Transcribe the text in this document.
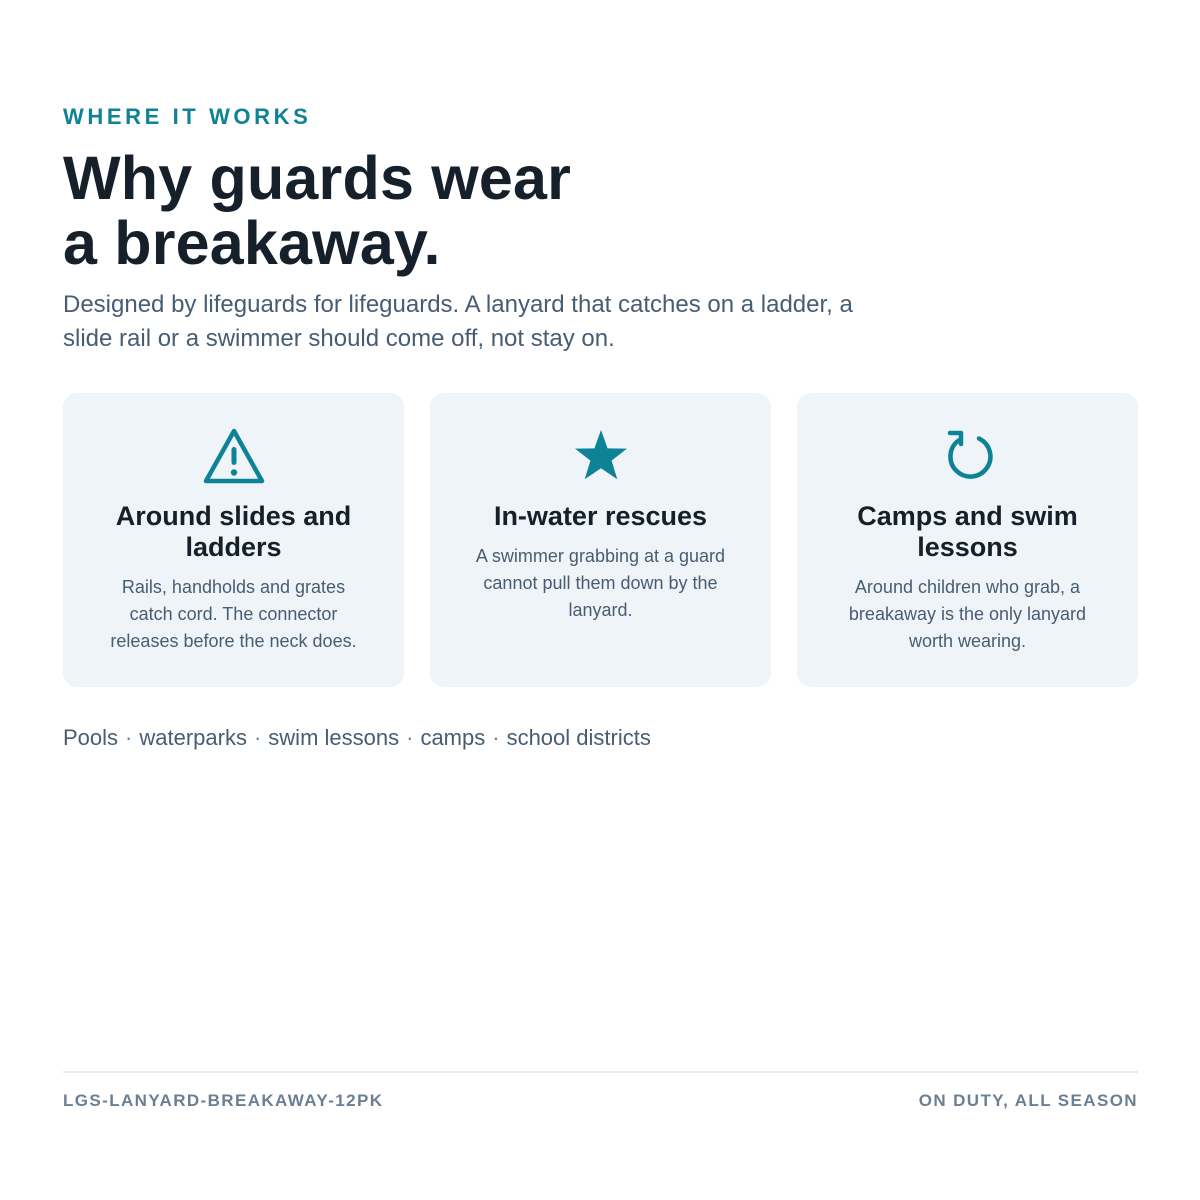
WHERE IT WORKS
Why guards wear
a breakaway.

Designed by lifeguards for lifeguards. A lanyard that catches on a ladder, a
slide rail or a swimmer should come off, not stay on.

Around slides and
ladders

Rails, handholds and grates
catch cord. The connector
releases before the neck does.

In-water rescues

A swimmer grabbing at a guard
cannot pull them down by the
lanyard.

Camps and swim
lessons

Around children who grab, a
breakaway is the only lanyard
worth wearing.

Pools · waterparks · swim lessons · camps · school districts
LGS-LANYARD-BREAKAWAY-12PK	ON DUTY, ALL SEASON
